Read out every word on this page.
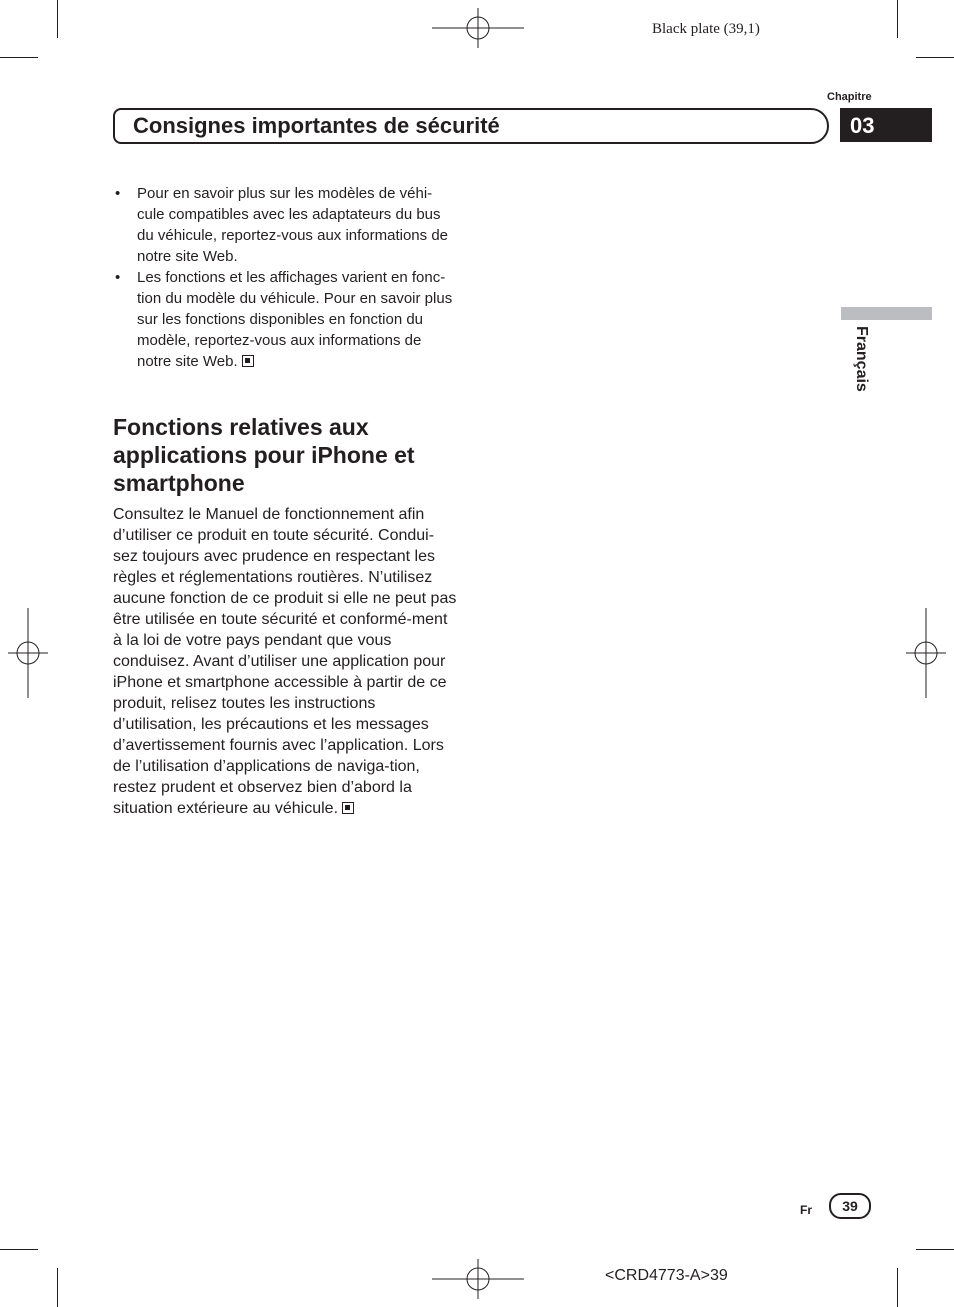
Black plate (39,1)
Chapitre
Consignes importantes de sécurité	03
Français
• Pour en savoir plus sur les modèles de véhi-cule compatibles avec les adaptateurs du bus du véhicule, reportez-vous aux informations de notre site Web.
• Les fonctions et les affichages varient en fonc-tion du modèle du véhicule. Pour en savoir plus sur les fonctions disponibles en fonction du modèle, reportez-vous aux informations de notre site Web.
Fonctions relatives aux applications pour iPhone et smartphone
Consultez le Manuel de fonctionnement afin d’utiliser ce produit en toute sécurité. Condui-sez toujours avec prudence en respectant les règles et réglementations routières. N’utilisez aucune fonction de ce produit si elle ne peut pas être utilisée en toute sécurité et conformé-ment à la loi de votre pays pendant que vous conduisez. Avant d’utiliser une application pour iPhone et smartphone accessible à partir de ce produit, relisez toutes les instructions d’utilisation, les précautions et les messages d’avertissement fournis avec l’application. Lors de l’utilisation d’applications de naviga-tion, restez prudent et observez bien d’abord la situation extérieure au véhicule.
Fr	39
<CRD4773-A>39
